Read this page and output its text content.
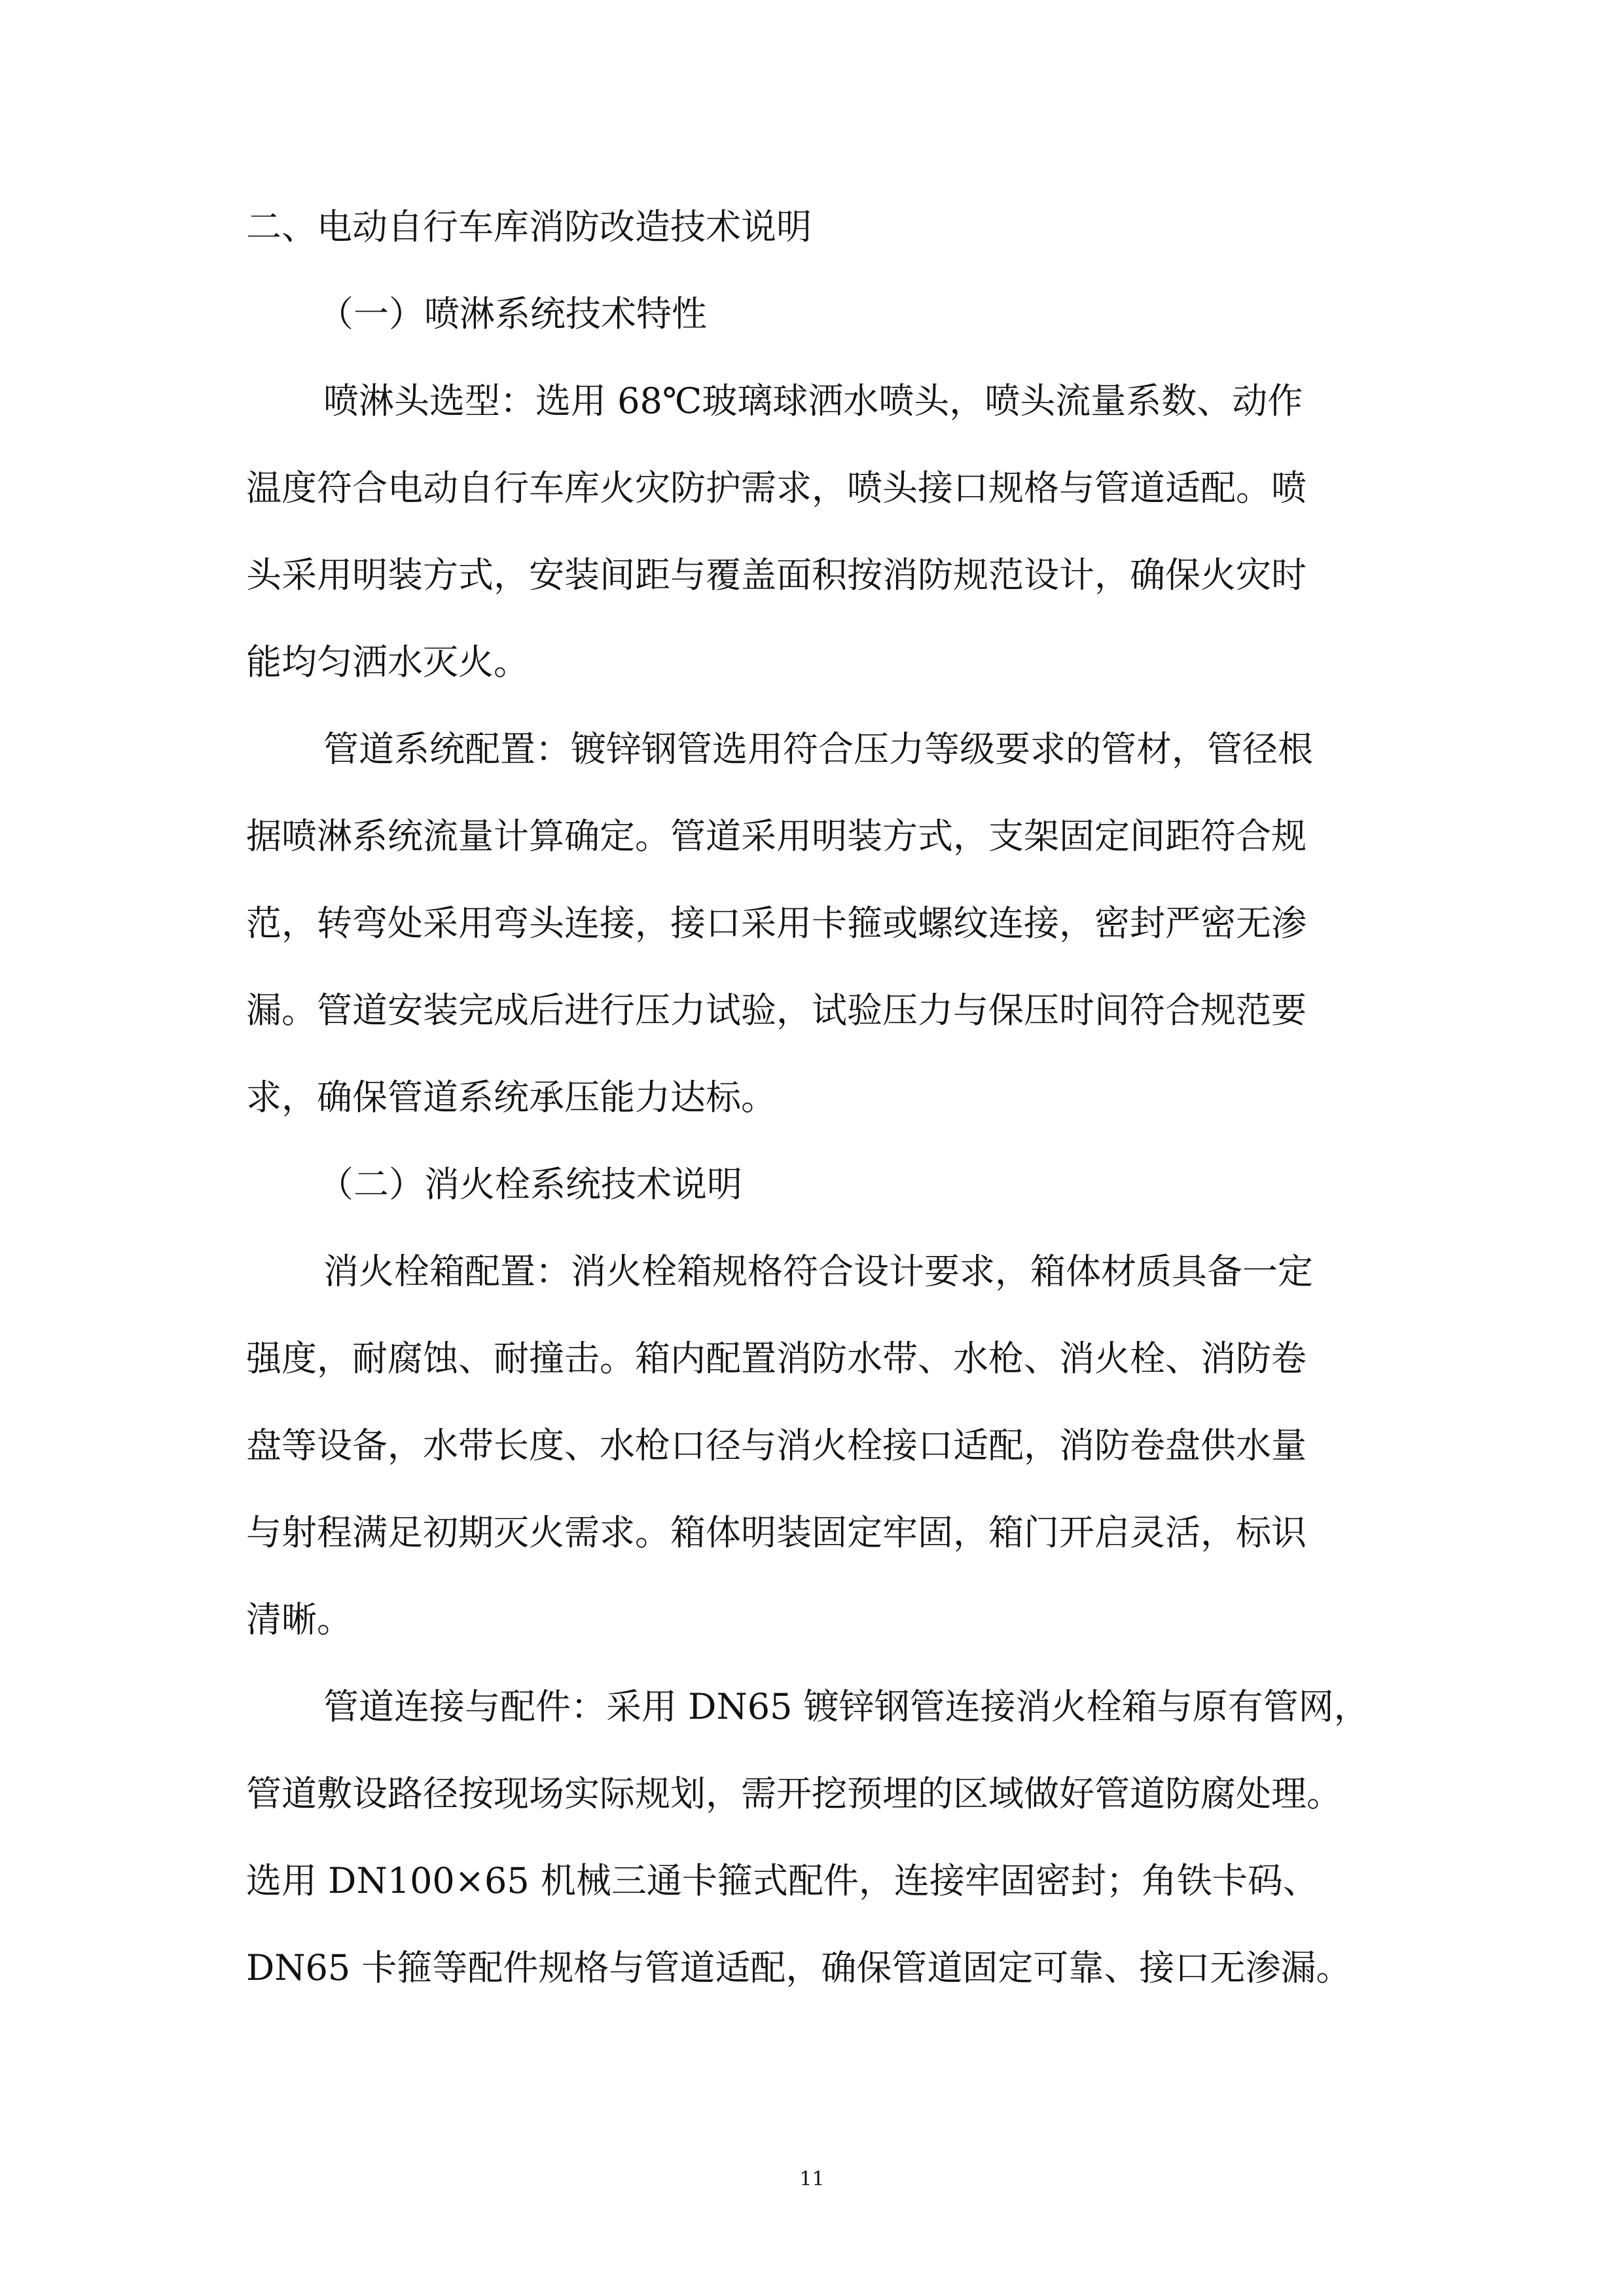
二、电动自行车库消防改造技术说明

（一）喷淋系统技术特性

喷淋头选型：选用 68℃玻璃球洒水喷头，喷头流量系数、动作

温度符合电动自行车库火灾防护需求，喷头接口规格与管道适配。喷

头采用明装方式，安装间距与覆盖面积按消防规范设计，确保火灾时

能均匀洒水灭火。

管道系统配置：镀锌钢管选用符合压力等级要求的管材，管径根

据喷淋系统流量计算确定。管道采用明装方式，支架固定间距符合规

范，转弯处采用弯头连接，接口采用卡箍或螺纹连接，密封严密无渗

漏。管道安装完成后进行压力试验，试验压力与保压时间符合规范要

求，确保管道系统承压能力达标。

（二）消火栓系统技术说明

消火栓箱配置：消火栓箱规格符合设计要求，箱体材质具备一定

强度，耐腐蚀、耐撞击。箱内配置消防水带、水枪、消火栓、消防卷

盘等设备，水带长度、水枪口径与消火栓接口适配，消防卷盘供水量

与射程满足初期灭火需求。箱体明装固定牢固，箱门开启灵活，标识

清晰。

管道连接与配件：采用 DN65 镀锌钢管连接消火栓箱与原有管网，

管道敷设路径按现场实际规划，需开挖预埋的区域做好管道防腐处理。

选用 DN100×65 机械三通卡箍式配件，连接牢固密封；角铁卡码、

DN65 卡箍等配件规格与管道适配，确保管道固定可靠、接口无渗漏。

11
